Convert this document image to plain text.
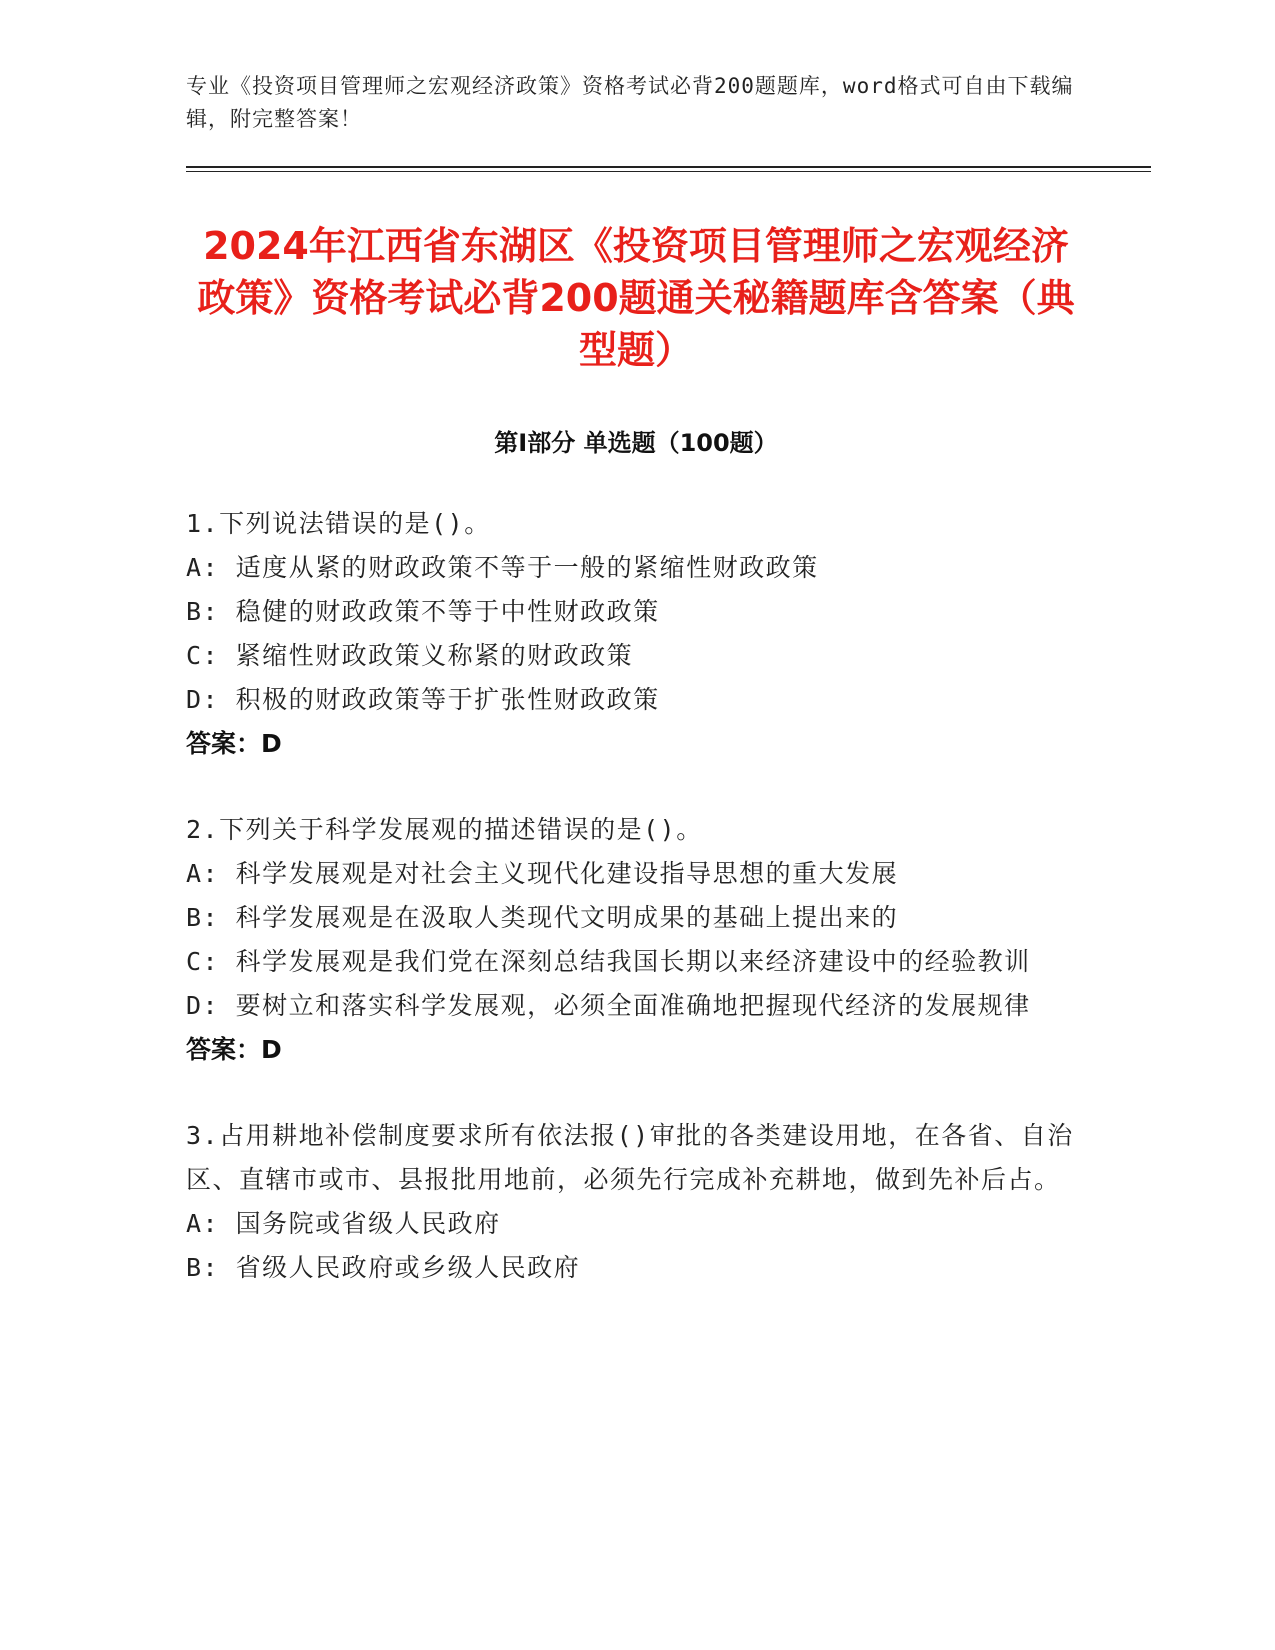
专业《投资项目管理师之宏观经济政策》资格考试必背200题题库，word格式可自由下载编辑，附完整答案！
2024年江西省东湖区《投资项目管理师之宏观经济政策》资格考试必背200题通关秘籍题库含答案（典型题）
第I部分 单选题（100题）
1.下列说法错误的是()。
A:
适度从紧的财政政策不等于一般的紧缩性财政政策
B:
稳健的财政政策不等于中性财政政策
C:
紧缩性财政政策义称紧的财政政策
D:
积极的财政政策等于扩张性财政政策
答案：D
2.下列关于科学发展观的描述错误的是()。
A:
科学发展观是对社会主义现代化建设指导思想的重大发展
B:
科学发展观是在汲取人类现代文明成果的基础上提出来的
C:
科学发展观是我们党在深刻总结我国长期以来经济建设中的经验教训
D:
要树立和落实科学发展观，必须全面准确地把握现代经济的发展规律
答案：D
3.占用耕地补偿制度要求所有依法报()审批的各类建设用地，在各省、自治区、直辖市或市、县报批用地前，必须先行完成补充耕地，做到先补后占。
A:
国务院或省级人民政府
B:
省级人民政府或乡级人民政府
